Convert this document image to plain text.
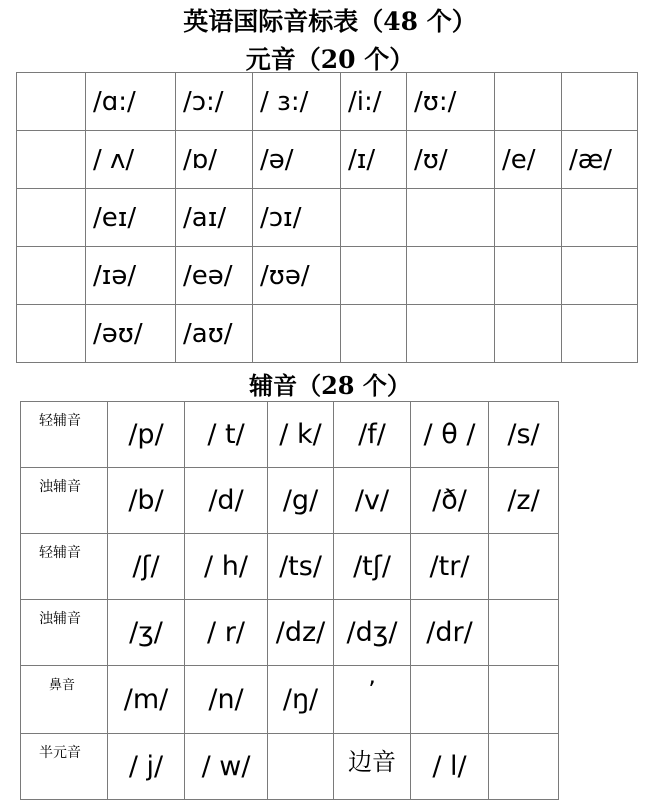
英语国际音标表（48 个）
元音（20 个）
	/ɑ:/	/ɔ:/	/ ɜ:/	/i:/	/ʊ:/		
	/ ʌ/	/ɒ/	/ə/	/ɪ/	/ʊ/	/e/	/æ/
	/eɪ/	/aɪ/	/ɔɪ/				
	/ɪə/	/eə/	/ʊə/				
	/əʊ/	/aʊ/					
辅音（28 个）
轻辅音	/p/	/ t/	/ k/	/f/	/ θ /	/s/
浊辅音	/b/	/d/	/g/	/v/	/ð/	/z/
轻辅音	/ʃ/	/ h/	/ts/	/tʃ/	/tr/	
浊辅音	/ʒ/	/ r/	/dz/	/dʒ/	/dr/	
鼻音	/m/	/n/	/ŋ/	’		
半元音	/ j/	/ w/		边音	/ l/	
